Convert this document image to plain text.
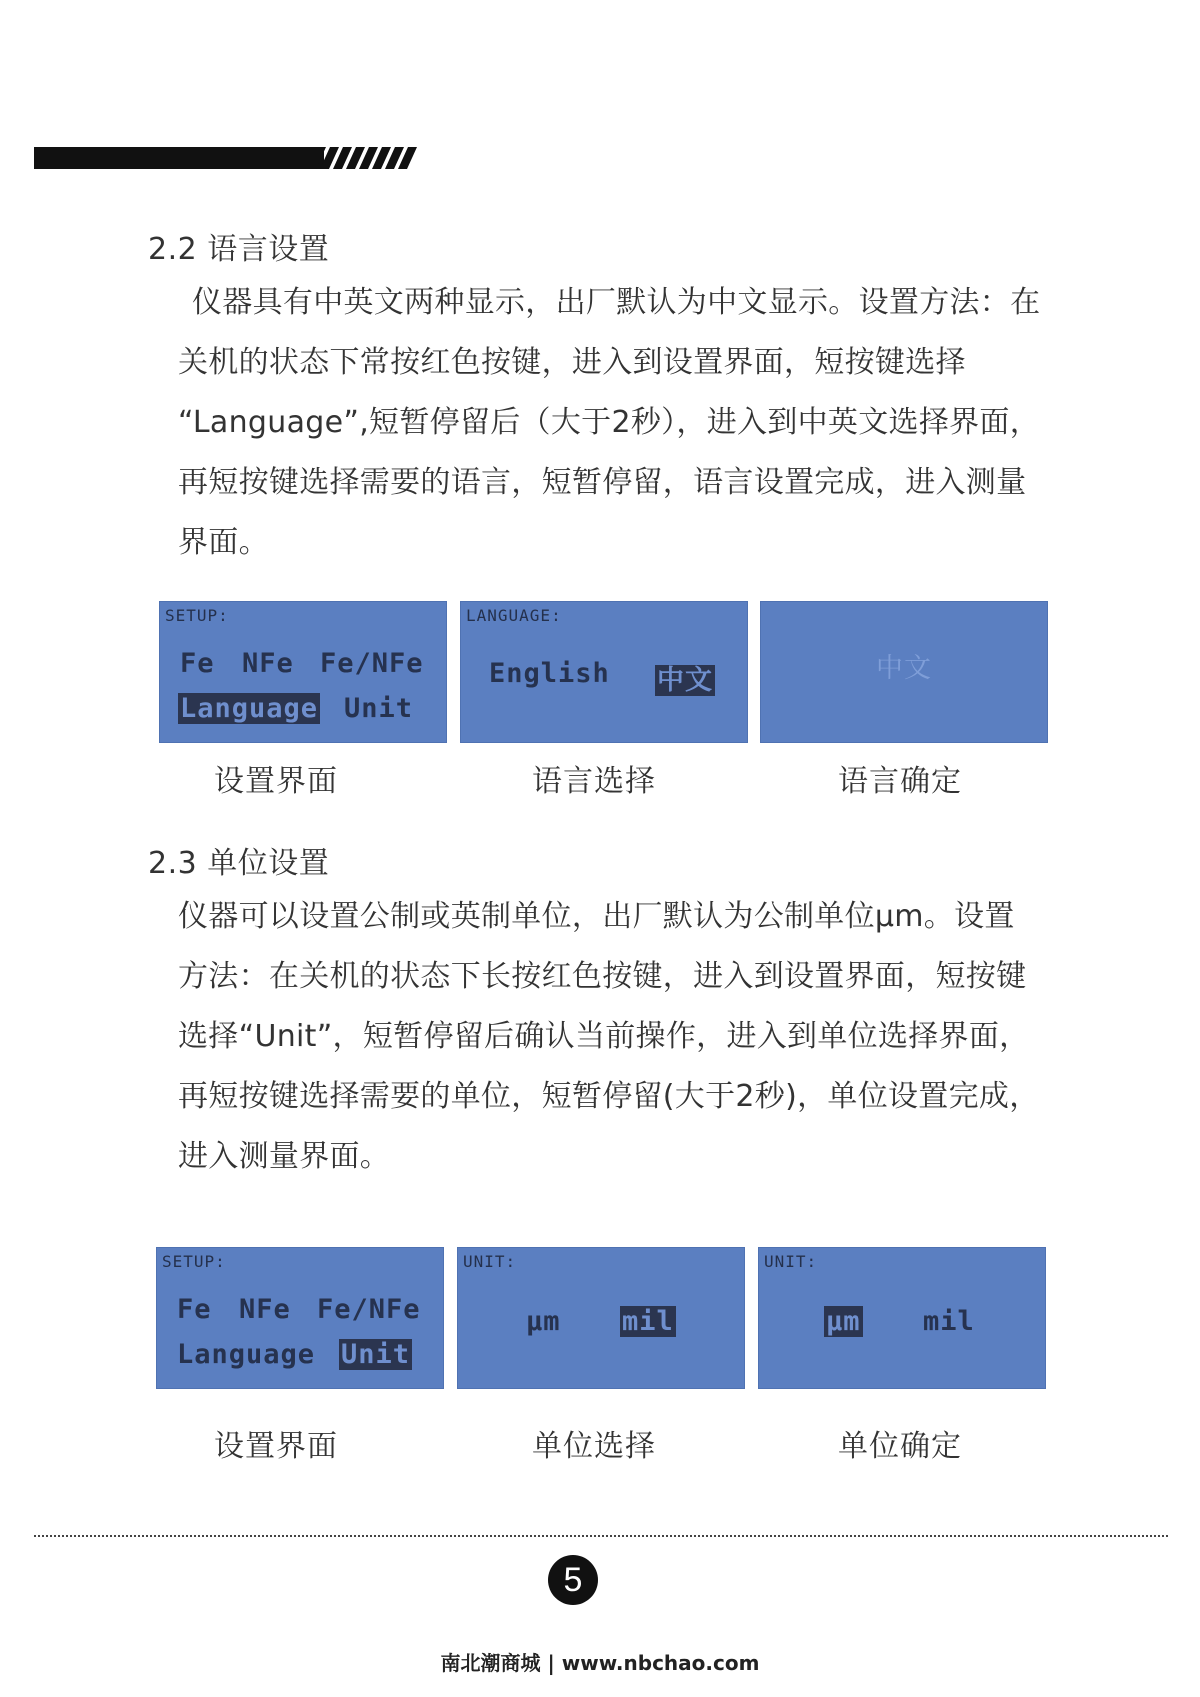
2.2 语言设置

仪器具有中英文两种显示，出厂默认为中文显示。设置方法：在

关机的状态下常按红色按键，进入到设置界面，短按键选择

“Language”,短暂停留后（大于2秒），进入到中英文选择界面，

再短按键选择需要的语言，短暂停留，语言设置完成，进入测量

界面。

SETUP:
Fe NFe Fe/NFe
Language Unit
LANGUAGE:
English 中文	中文
设置界面	语言选择	语言确定
2.3 单位设置

仪器可以设置公制或英制单位，出厂默认为公制单位μm。设置

方法：在关机的状态下长按红色按键，进入到设置界面，短按键

选择“Unit”，短暂停留后确认当前操作，进入到单位选择界面，

再短按键选择需要的单位，短暂停留(大于2秒)，单位设置完成，

进入测量界面。

SETUP:
Fe NFe Fe/NFe
Language Unit
UNIT:
μm mil
UNIT:
μm mil
设置界面	单位选择	单位确定
5
南北潮商城 | www.nbchao.com
